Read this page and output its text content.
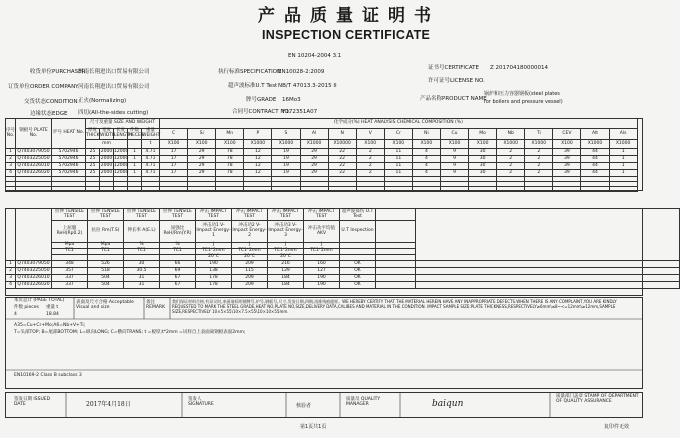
产品质量证明书
INSPECTION CERTIFICATE
EN 10204-2004 3.1
收货单位PURCHASER
河南长翔进出口贸易有限公司
订货单位ORDER COMPANY 河南长翔进出口贸易有限公司
交货状态CONDITION 正火(Normalizing)
边缘状态EDGE 四切(All-the-sides cutting)
执行标准SPECIFICATION
EN10028-2:2009
超声波标准U.T Test NB/T 47013.3-2015 II
牌号GRADE 16Mo3
合同号CONTRACT NO.
Y172351A07
证书号CERTIFICATE Z 201704180000014
许可证号LICENSE NO.
产品名称PRODUCT NAME
锅炉和压力容器钢板(steel plates
for boilers and pressure vessel)
序号 No.	钢板号 PLATE No.	炉号 HEAT No.	尺寸及重量 SIZE AND WEIGHT					化学成分(%) HEAT ANALYSIS CHEMICAL COMPOSITION (%)																
			厚度 THICK	宽度 WIDTH	长度 LENGTH	件数 PIECES	重量 WEIGHT	C	Si	Mn	P	S	Al	N	V	Cr	Ni	Cu	Mo	Nb	Ti	CEV	Alt	Als
			mm				t	X100	X100	X100	X1000	X1000	X1000	X10000	X100	X100	X100	X100	X100	X1000	X1000	X100	X1000	X1000
1	Q7403079050	5702946	25	2000	12000	1	4.71	17	29	78	12	19	29	22	2	11	4	9	30	2	2	39	44	1
2	Q7403225050	5702946	25	2000	12000	1	4.71	17	29	78	12	19	29	22	2	11	4	9	30	2	2	39	44	1
3	Q7403226010	5702946	25	2000	12000	1	4.71	17	29	78	12	19	29	22	2	11	4	9	30	2	2	39	44	1
4	Q7403226020	5702946	25	2000	12000	1	4.71	17	29	78	12	19	29	22	2	11	4	9	30	2	2	39	44	1

		拉伸 TENSILE TEST	拉伸 TENSILE TEST	拉伸 TENSILE TEST	拉伸 TENSILE TEST	冲击 IMPACT TEST	冲击 IMPACT TEST	冲击 IMPACT TEST	冲击 IMPACT TEST	超声波探伤 U.T Test		
		上屈服 ReH(Rp0.2)	抗拉 Rm(T.S)	伸长率 A(E.L)	屈强比 ReH/Rm(Y.R)	冲击功1 V-Impact Energy-1	冲击功2 V-Impact Energy-2	冲击功3 V-Impact Energy-3	冲击功平均值 AKV	U.T Inspection		
		Mpa	Mpa	%	%	J	J	J	J			
		TC1	TC1	TC1	TC1	TC1*2mm	TC1*2mm	TC1*2mm	TC1*2mm			
						20℃	20℃	20℃				
1	Q7403079050	348	526	30	66	190	209	216	160	OK		
2	Q7403225050	357	518	30.5	69	138	115	129	127	OK		
3	Q7403226010	337	504	31	67	178	209	184	190	OK		
4	Q7403226020	337	504	31	67	178	209	184	190	OK		
本页总计 (PAGE TOTAL)
件数 pieces
4
重量 t
18.84
表面及尺寸合格 Acceptable Visual and size
备注 REMARK
我们保证材料合格,有异议时,来函请标明钢牌号,炉号,钢板号,尺寸,发货日期,四期,再推残痕提样。WE HEREBY CERTIFY THAT THE MATERIAL HEREIN HAVE ANY INAPPROPRIATE DEFECTS.WHEN THERE IS ANY COMPLAINT,YOU ARE KINDLY REQUESTED TO MARK THE STEEL GRADE,HEAT NO,PLATE NO,SIZE,DELIVERY DATA,CALIBES AND MATERIAL IN THE CONDITION. IMPACT SAMPLE SIZE:PLATE THICKNESS,RESPECTIVELY≥6mm\≤8~<=12mm\≥12mm,SAMPLE SIZE,RESPECTIVELY 10×5×55\10×7.5×55\10×10×55mm.
A35=Cu+Cr+Mo;A6=Nb+V+Ti;
T=头部TOP; B=尾部BOTTOM; L=纵向LONG; C=横向TRANS; t =板厚;t*2mm =试样自上表面离钢板表面2mm;
EN10169-2 Class B subclass 3
签发日期 ISSUED DATE	2017年4月18日
签发人 SIGNATURE	核验者
质量员 QUALITY MANAGER	baiqun
质量部门盖章 STAMP OF DEPARTMENT OF QUALITY ASSURANCE
第1页共1页	复印件无效
